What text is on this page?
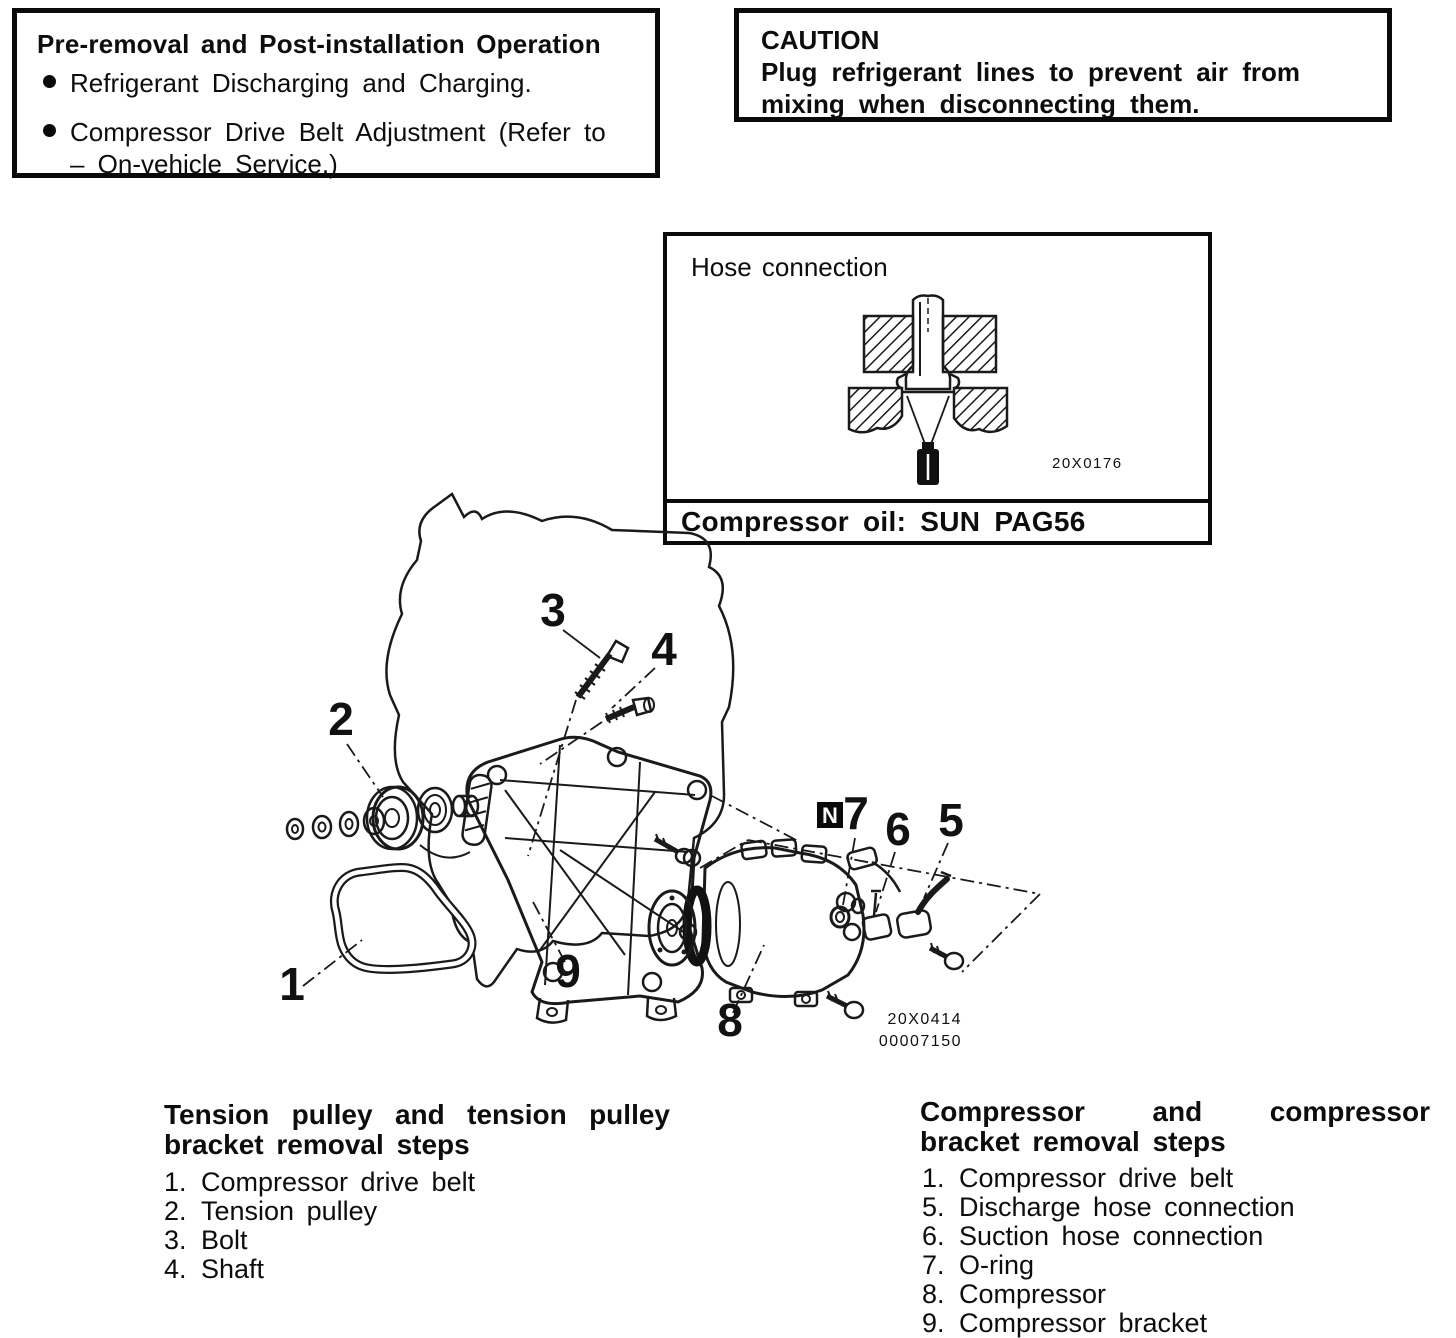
Pre-removal and Post-installation Operation
Refrigerant Discharging and Charging.
Compressor Drive Belt Adjustment (Refer to – On-vehicle Service.)
CAUTION
Plug refrigerant lines to prevent air from mixing when disconnecting them.
Hose connection
20X0176
Compressor oil: SUN PAG56
1
2
3
4
5
6
7
8
9
N
20X0414
00007150
Tension pulley and tension pulley bracket removal steps
1. Compressor drive belt
2. Tension pulley
3. Bolt
4. Shaft
Compressor and compressor bracket removal steps
1. Compressor drive belt
5. Discharge hose connection
6. Suction hose connection
7. O-ring
8. Compressor
9. Compressor bracket
